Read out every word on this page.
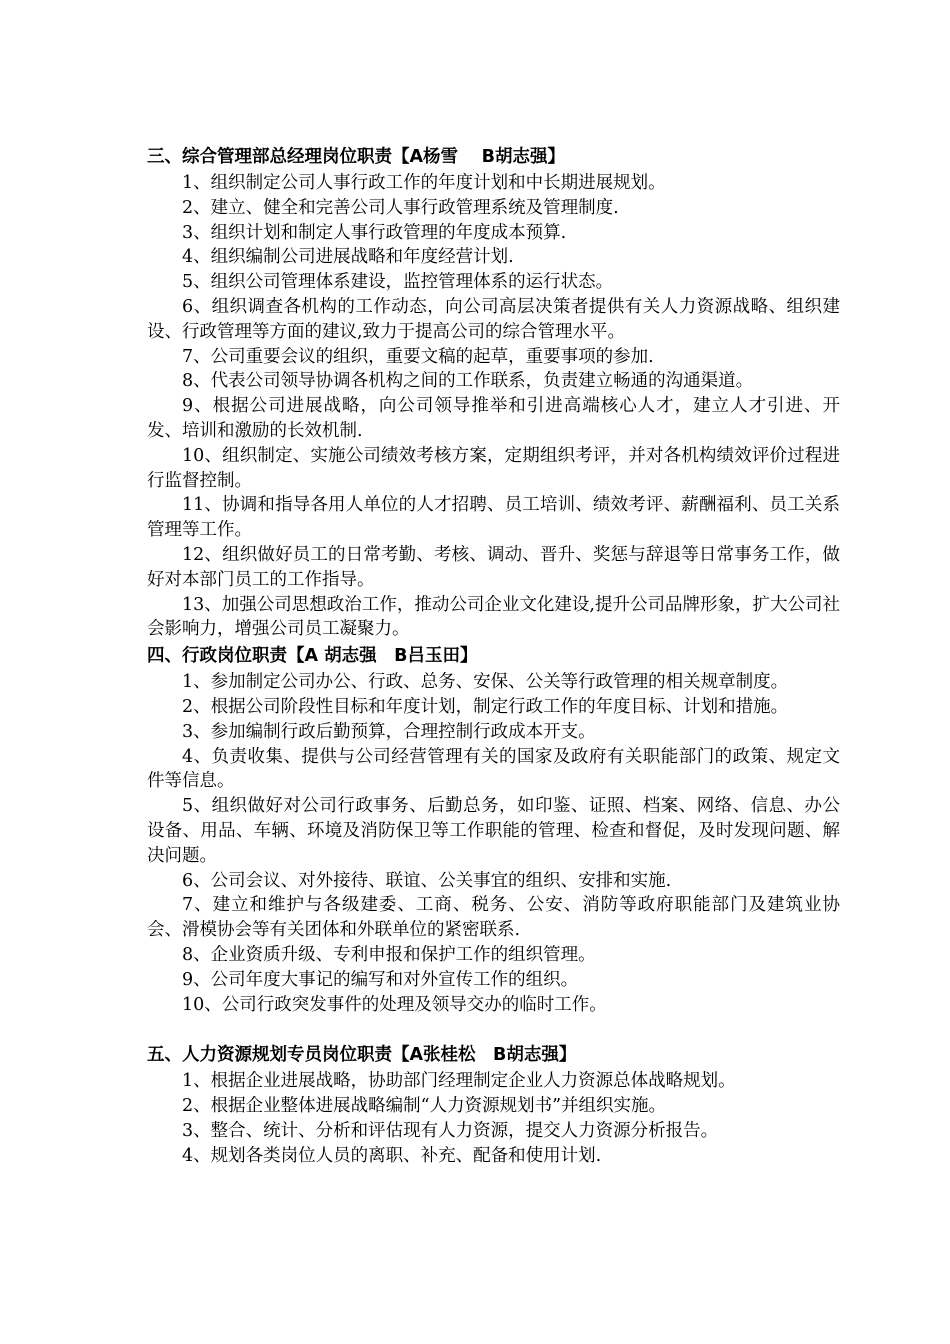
三、综合管理部总经理岗位职责【A杨雪　 B胡志强】

1、组织制定公司人事行政工作的年度计划和中长期进展规划。

2、建立、健全和完善公司人事行政管理系统及管理制度.

3、组织计划和制定人事行政管理的年度成本预算.

4、组织编制公司进展战略和年度经营计划.

5、组织公司管理体系建设，监控管理体系的运行状态。

6、组织调查各机构的工作动态，向公司高层决策者提供有关人力资源战略、组织建设、行政管理等方面的建议,致力于提高公司的综合管理水平。

7、公司重要会议的组织，重要文稿的起草，重要事项的参加.

8、代表公司领导协调各机构之间的工作联系，负责建立畅通的沟通渠道。

9、根据公司进展战略，向公司领导推举和引进高端核心人才，建立人才引进、开发、培训和激励的长效机制.

10、组织制定、实施公司绩效考核方案，定期组织考评，并对各机构绩效评价过程进行监督控制。

11、协调和指导各用人单位的人才招聘、员工培训、绩效考评、薪酬福利、员工关系管理等工作。

12、组织做好员工的日常考勤、考核、调动、晋升、奖惩与辞退等日常事务工作，做好对本部门员工的工作指导。

13、加强公司思想政治工作，推动公司企业文化建设,提升公司品牌形象，扩大公司社会影响力，增强公司员工凝聚力。

四、行政岗位职责【A 胡志强　B吕玉田】

1、参加制定公司办公、行政、总务、安保、公关等行政管理的相关规章制度。

2、根据公司阶段性目标和年度计划，制定行政工作的年度目标、计划和措施。

3、参加编制行政后勤预算，合理控制行政成本开支。

4、负责收集、提供与公司经营管理有关的国家及政府有关职能部门的政策、规定文件等信息。

5、组织做好对公司行政事务、后勤总务，如印鉴、证照、档案、网络、信息、办公设备、用品、车辆、环境及消防保卫等工作职能的管理、检查和督促，及时发现问题、解决问题。

6、公司会议、对外接待、联谊、公关事宜的组织、安排和实施.

7、建立和维护与各级建委、工商、税务、公安、消防等政府职能部门及建筑业协会、滑模协会等有关团体和外联单位的紧密联系.

8、企业资质升级、专利申报和保护工作的组织管理。

9、公司年度大事记的编写和对外宣传工作的组织。

10、公司行政突发事件的处理及领导交办的临时工作。

五、人力资源规划专员岗位职责【A张桂松　B胡志强】

1、根据企业进展战略，协助部门经理制定企业人力资源总体战略规划。

2、根据企业整体进展战略编制“人力资源规划书”并组织实施。

3、整合、统计、分析和评估现有人力资源，提交人力资源分析报告。

4、规划各类岗位人员的离职、补充、配备和使用计划.
